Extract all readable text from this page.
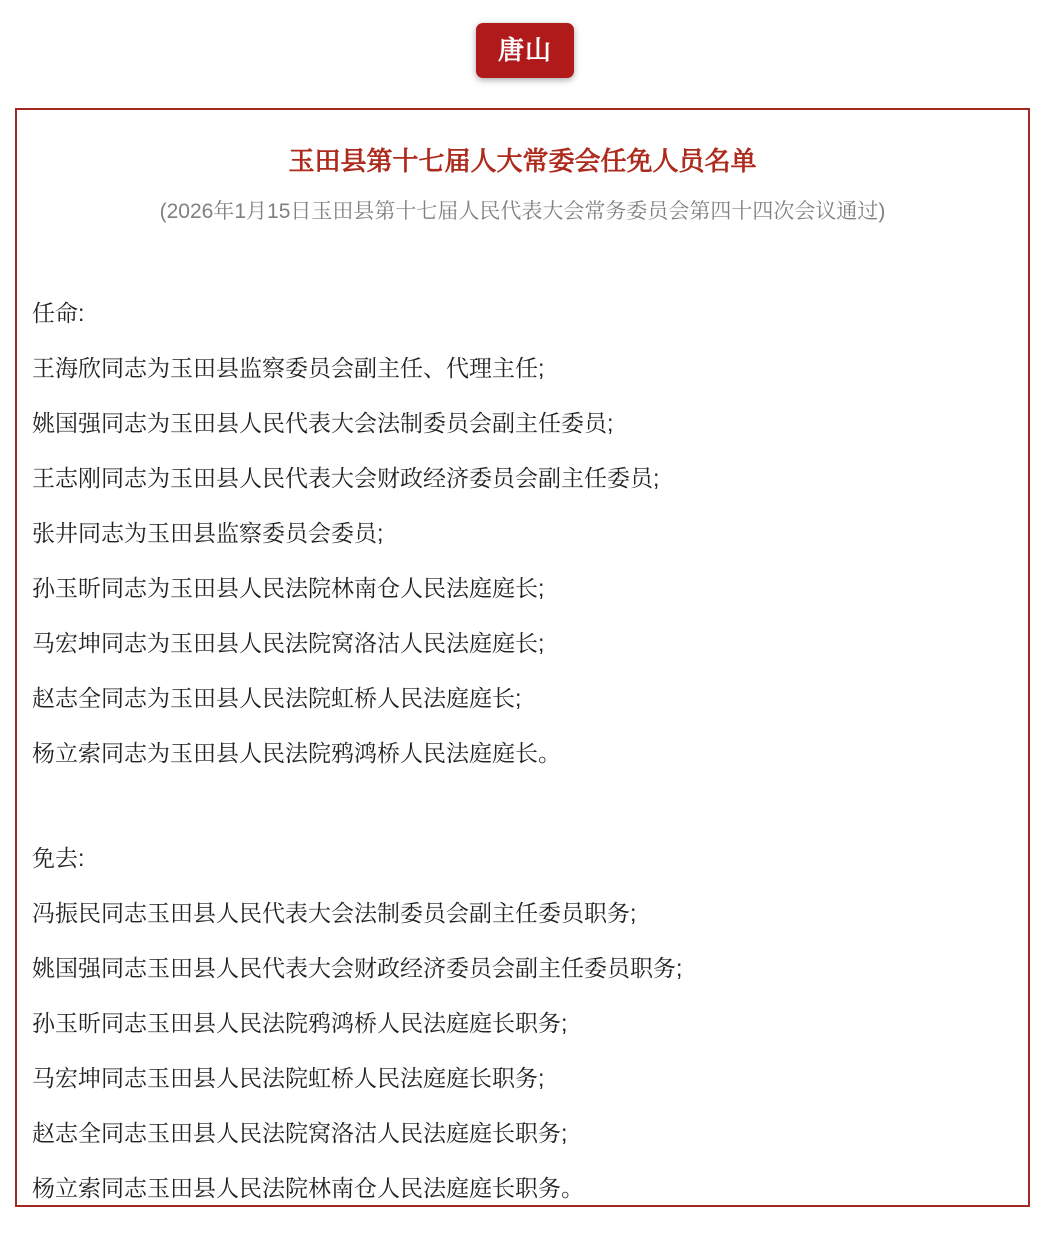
唐山
玉田县第十七届人大常委会任免人员名单
(2026年1月15日玉田县第十七届人民代表大会常务委员会第四十四次会议通过)

任命:

王海欣同志为玉田县监察委员会副主任、代理主任;

姚国强同志为玉田县人民代表大会法制委员会副主任委员;

王志刚同志为玉田县人民代表大会财政经济委员会副主任委员;

张井同志为玉田县监察委员会委员;

孙玉昕同志为玉田县人民法院林南仓人民法庭庭长;

马宏坤同志为玉田县人民法院窝洛沽人民法庭庭长;

赵志全同志为玉田县人民法院虹桥人民法庭庭长;

杨立索同志为玉田县人民法院鸦鸿桥人民法庭庭长。

免去:

冯振民同志玉田县人民代表大会法制委员会副主任委员职务;

姚国强同志玉田县人民代表大会财政经济委员会副主任委员职务;

孙玉昕同志玉田县人民法院鸦鸿桥人民法庭庭长职务;

马宏坤同志玉田县人民法院虹桥人民法庭庭长职务;

赵志全同志玉田县人民法院窝洛沽人民法庭庭长职务;

杨立索同志玉田县人民法院林南仓人民法庭庭长职务。
